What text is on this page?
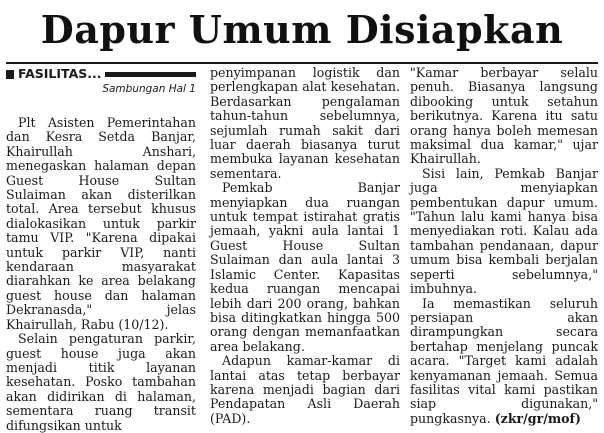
Dapur Umum Disiapkan
FASILITAS...
Sambungan Hal 1

Plt Asisten Pemerintahan dan Kesra Setda Banjar, Khairullah Anshari, menegaskan halaman depan Guest House Sultan Sulaiman akan disterilkan total. Area tersebut khusus dialokasikan untuk parkir tamu VIP. "Karena dipakai untuk parkir VIP, nanti kendaraan masyarakat diarahkan ke area belakang guest house dan halaman Dekranasda," jelas Khairullah, Rabu (10/12).

Selain pengaturan parkir, guest house juga akan menjadi titik layanan kesehatan. Posko tambahan akan didirikan di halaman, sementara ruang transit difungsikan untuk

penyimpanan logistik dan perlengkapan alat kesehatan. Berdasarkan pengalaman tahun-tahun sebelumnya, sejumlah rumah sakit dari luar daerah biasanya turut membuka layanan kesehatan sementara.

Pemkab Banjar menyiapkan dua ruangan untuk tempat istirahat gratis jemaah, yakni aula lantai 1 Guest House Sultan Sulaiman dan aula lantai 3 Islamic Center. Kapasitas kedua ruangan mencapai lebih dari 200 orang, bahkan bisa ditingkatkan hingga 500 orang dengan memanfaatkan area belakang.

Adapun kamar-kamar di lantai atas tetap berbayar karena menjadi bagian dari Pendapatan Asli Daerah (PAD).

"Kamar berbayar selalu penuh. Biasanya langsung dibooking untuk setahun berikutnya. Karena itu satu orang hanya boleh memesan maksimal dua kamar," ujar Khairullah.

Sisi lain, Pemkab Banjar juga menyiapkan pembentukan dapur umum. "Tahun lalu kami hanya bisa menyediakan roti. Kalau ada tambahan pendanaan, dapur umum bisa kembali berjalan seperti sebelumnya," imbuhnya.

Ia memastikan seluruh persiapan akan dirampungkan secara bertahap menjelang puncak acara. "Target kami adalah kenyamanan jemaah. Semua fasilitas vital kami pastikan siap digunakan," pungkasnya. (zkr/gr/mof)
